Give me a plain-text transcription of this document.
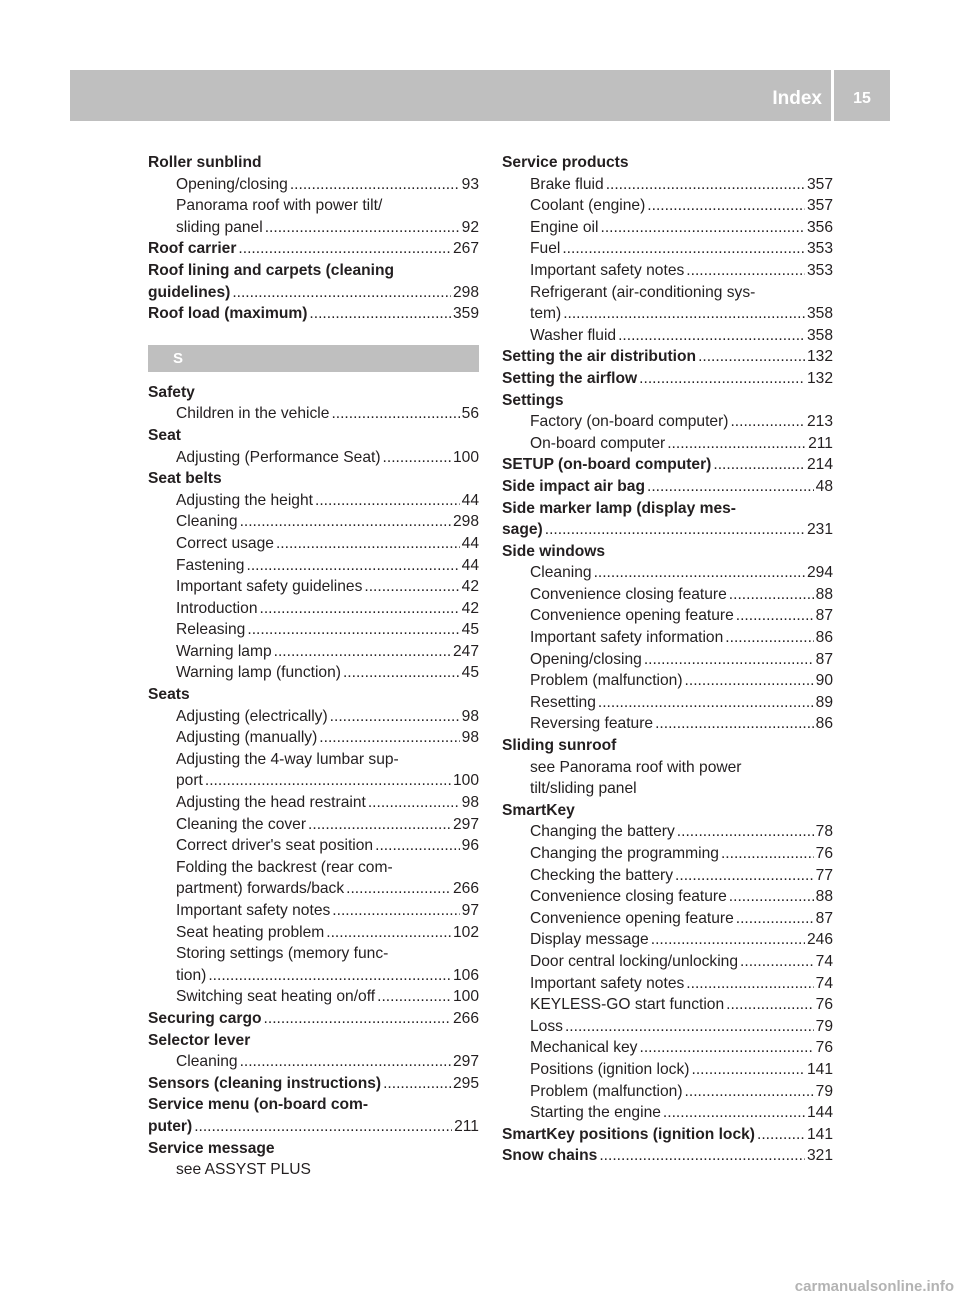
Index	15
Roller sunblind
Opening/closing .....	93
Panorama roof with power tilt/
sliding panel .....	92
Roof carrier .....	267
Roof lining and carpets (cleaning
guidelines) .....	298
Roof load (maximum) .....	359
S
Safety
Children in the vehicle .....	56
Seat
Adjusting (Performance Seat) .....	100
Seat belts
Adjusting the height .....	44
Cleaning .....	298
Correct usage .....	44
Fastening .....	44
Important safety guidelines .....	42
Introduction .....	42
Releasing .....	45
Warning lamp .....	247
Warning lamp (function) .....	45
Seats
Adjusting (electrically) .....	98
Adjusting (manually) .....	98
Adjusting the 4-way lumbar sup-
port .....	100
Adjusting the head restraint .....	98
Cleaning the cover .....	297
Correct driver's seat position .....	96
Folding the backrest (rear com-
partment) forwards/back .....	266
Important safety notes .....	97
Seat heating problem .....	102
Storing settings (memory func-
tion) .....	106
Switching seat heating on/off .....	100
Securing cargo .....	266
Selector lever
Cleaning .....	297
Sensors (cleaning instructions) .....	295
Service menu (on-board com-
puter) .....	211
Service message
see ASSYST PLUS
Service products
Brake fluid .....	357
Coolant (engine) .....	357
Engine oil .....	356
Fuel .....	353
Important safety notes .....	353
Refrigerant (air-conditioning sys-
tem) .....	358
Washer fluid .....	358
Setting the air distribution .....	132
Setting the airflow .....	132
Settings
Factory (on-board computer) .....	213
On-board computer .....	211
SETUP (on-board computer) .....	214
Side impact air bag .....	48
Side marker lamp (display mes-
sage) .....	231
Side windows
Cleaning .....	294
Convenience closing feature .....	88
Convenience opening feature .....	87
Important safety information .....	86
Opening/closing .....	87
Problem (malfunction) .....	90
Resetting .....	89
Reversing feature .....	86
Sliding sunroof
see Panorama roof with power
tilt/sliding panel
SmartKey
Changing the battery .....	78
Changing the programming .....	76
Checking the battery .....	77
Convenience closing feature .....	88
Convenience opening feature .....	87
Display message .....	246
Door central locking/unlocking .....	74
Important safety notes .....	74
KEYLESS-GO start function .....	76
Loss .....	79
Mechanical key .....	76
Positions (ignition lock) .....	141
Problem (malfunction) .....	79
Starting the engine .....	144
SmartKey positions (ignition lock) .....	141
Snow chains .....	321
carmanualsonline.info
